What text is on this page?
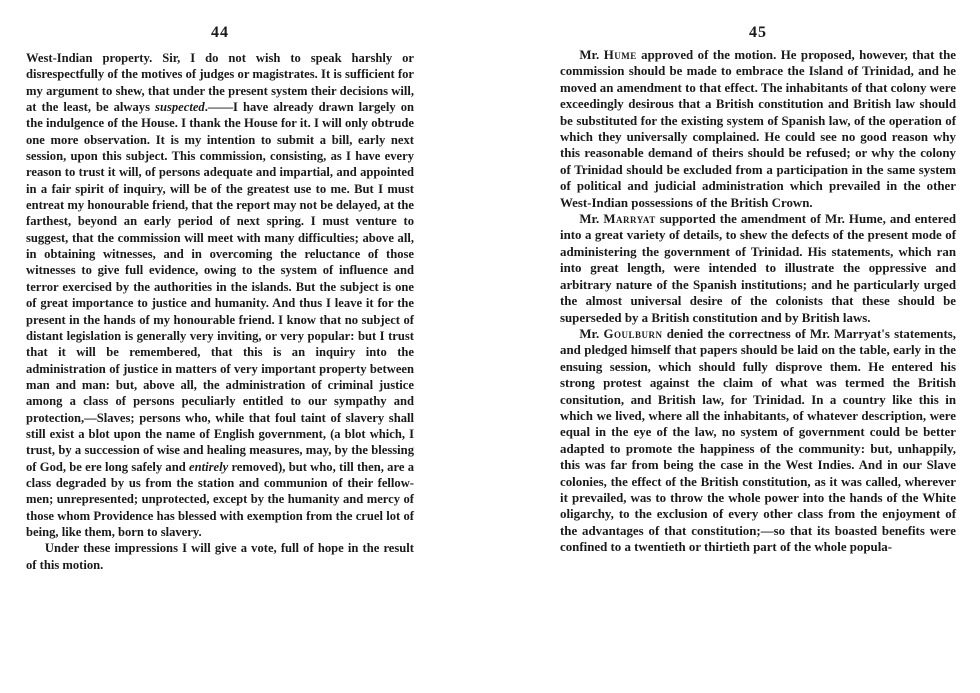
44

West-Indian property. Sir, I do not wish to speak harshly or disrespectfully of the motives of judges or magistrates. It is sufficient for my argument to shew, that under the present system their decisions will, at the least, be always suspected.——I have already drawn largely on the indulgence of the House. I thank the House for it. I will only obtrude one more observation. It is my intention to submit a bill, early next session, upon this subject. This commission, consisting, as I have every reason to trust it will, of persons adequate and impartial, and appointed in a fair spirit of inquiry, will be of the greatest use to me. But I must entreat my honourable friend, that the report may not be delayed, at the farthest, beyond an early period of next spring. I must venture to suggest, that the commission will meet with many difficulties; above all, in obtaining witnesses, and in overcoming the reluctance of those witnesses to give full evidence, owing to the system of influence and terror exercised by the authorities in the islands. But the subject is one of great importance to justice and humanity. And thus I leave it for the present in the hands of my honourable friend. I know that no subject of distant legislation is generally very inviting, or very popular: but I trust that it will be remembered, that this is an inquiry into the administration of justice in matters of very important property between man and man: but, above all, the administration of criminal justice among a class of persons peculiarly entitled to our sympathy and protection,—Slaves; persons who, while that foul taint of slavery shall still exist a blot upon the name of English government, (a blot which, I trust, by a succession of wise and healing measures, may, by the blessing of God, be ere long safely and entirely removed), but who, till then, are a class degraded by us from the station and communion of their fellow-men; unrepresented; unprotected, except by the humanity and mercy of those whom Providence has blessed with exemption from the cruel lot of being, like them, born to slavery.

Under these impressions I will give a vote, full of hope in the result of this motion.

45

Mr. Hume approved of the motion. He proposed, however, that the commission should be made to embrace the Island of Trinidad, and he moved an amendment to that effect. The inhabitants of that colony were exceedingly desirous that a British constitution and British law should be substituted for the existing system of Spanish law, of the operation of which they universally complained. He could see no good reason why this reasonable demand of theirs should be refused; or why the colony of Trinidad should be excluded from a participation in the same system of political and judicial administration which prevailed in the other West-Indian possessions of the British Crown.

Mr. Marryat supported the amendment of Mr. Hume, and entered into a great variety of details, to shew the defects of the present mode of administering the government of Trinidad. His statements, which ran into great length, were intended to illustrate the oppressive and arbitrary nature of the Spanish institutions; and he particularly urged the almost universal desire of the colonists that these should be superseded by a British constitution and by British laws.

Mr. Goulburn denied the correctness of Mr. Marryat's statements, and pledged himself that papers should be laid on the table, early in the ensuing session, which should fully disprove them. He entered his strong protest against the claim of what was termed the British consitution, and British law, for Trinidad. In a country like this in which we lived, where all the inhabitants, of whatever description, were equal in the eye of the law, no system of government could be better adapted to promote the happiness of the community: but, unhappily, this was far from being the case in the West Indies. And in our Slave colonies, the effect of the British constitution, as it was called, wherever it prevailed, was to throw the whole power into the hands of the White oligarchy, to the exclusion of every other class from the enjoyment of the advantages of that constitution;—so that its boasted benefits were confined to a twentieth or thirtieth part of the whole popula-
